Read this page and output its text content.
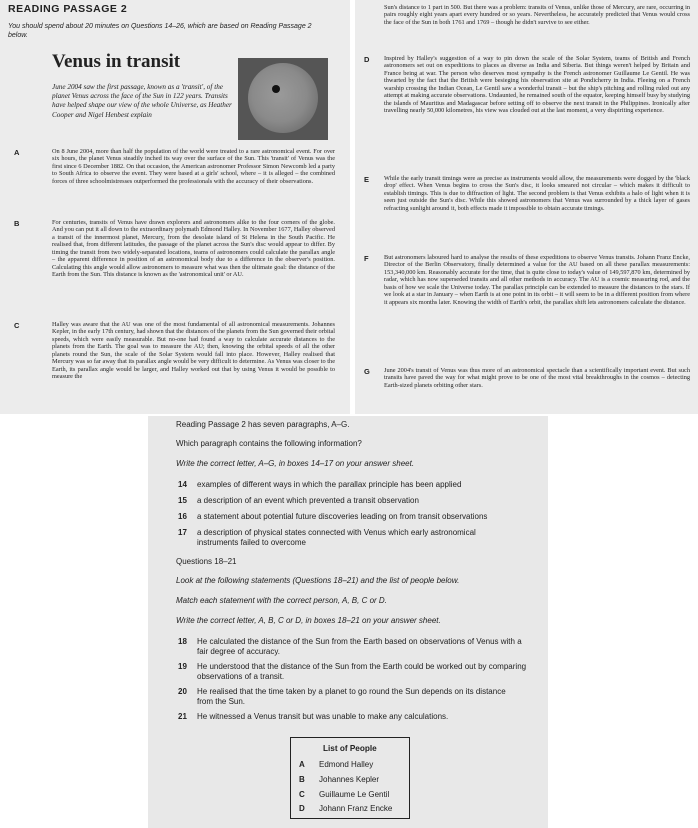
READING PASSAGE 2
You should spend about 20 minutes on Questions 14–26, which are based on Reading Passage 2 below.
Venus in transit
June 2004 saw the first passage, known as a 'transit', of the planet Venus across the face of the Sun in 122 years. Transits have helped shape our view of the whole Universe, as Heather Cooper and Nigel Henbest explain
A	On 8 June 2004, more than half the population of the world were treated to a rare astronomical event. For over six hours, the planet Venus steadily inched its way over the surface of the Sun. This 'transit' of Venus was the first since 6 December 1882. On that occasion, the American astronomer Professor Simon Newcomb led a party to South Africa to observe the event. They were based at a girls' school, where – it is alleged – the combined forces of three schoolmistresses outperformed the professionals with the accuracy of their observations.
B	For centuries, transits of Venus have drawn explorers and astronomers alike to the four corners of the globe. And you can put it all down to the extraordinary polymath Edmond Halley. In November 1677, Halley observed a transit of the innermost planet, Mercury, from the desolate island of St Helena in the South Pacific. He realised that, from different latitudes, the passage of the planet across the Sun's disc would appear to differ. By timing the transit from two widely-separated locations, teams of astronomers could calculate the parallax angle – the apparent difference in position of an astronomical body due to a difference in the observer's position. Calculating this angle would allow astronomers to measure what was then the ultimate goal: the distance of the Earth from the Sun. This distance is known as the 'astronomical unit' or AU.
C	Halley was aware that the AU was one of the most fundamental of all astronomical measurements. Johannes Kepler, in the early 17th century, had shown that the distances of the planets from the Sun governed their orbital speeds, which were easily measurable. But no-one had found a way to calculate accurate distances to the planets from the Earth. The goal was to measure the AU; then, knowing the orbital speeds of all the other planets round the Sun, the scale of the Solar System would fall into place. However, Halley realised that Mercury was so far away that its parallax angle would be very difficult to determine. As Venus was closer to the Earth, its parallax angle would be larger, and Halley worked out that by using Venus it would be possible to measure the
Sun's distance to 1 part in 500. But there was a problem: transits of Venus, unlike those of Mercury, are rare, occurring in pairs roughly eight years apart every hundred or so years. Nevertheless, he accurately predicted that Venus would cross the face of the Sun in both 1761 and 1769 – though he didn't survive to see either.
D Inspired by Halley's suggestion of a way to pin down the scale of the Solar System, teams of British and French astronomers set out on expeditions to places as diverse as India and Siberia. But things weren't helped by Britain and France being at war. The person who deserves most sympathy is the French astronomer Guillaume Le Gentil. He was thwarted by the fact that the British were besieging his observation site at Pondicherry in India. Fleeing on a French warship crossing the Indian Ocean, Le Gentil saw a wonderful transit – but the ship's pitching and rolling ruled out any attempt at making accurate observations. Undaunted, he remained south of the equator, keeping himself busy by studying the islands of Mauritius and Madagascar before setting off to observe the next transit in the Philippines. Ironically after travelling nearly 50,000 kilometres, his view was clouded out at the last moment, a very dispiriting experience.
E While the early transit timings were as precise as instruments would allow, the measurements were dogged by the 'black drop' effect. When Venus begins to cross the Sun's disc, it looks smeared not circular – which makes it difficult to establish timings. This is due to diffraction of light. The second problem is that Venus exhibits a halo of light when it is seen just outside the Sun's disc. While this showed astronomers that Venus was surrounded by a thick layer of gases refracting sunlight around it, both effects made it impossible to obtain accurate timings.
F But astronomers laboured hard to analyse the results of these expeditions to observe Venus transits. Johann Franz Encke, Director of the Berlin Observatory, finally determined a value for the AU based on all these parallax measurements: 153,340,000 km. Reasonably accurate for the time, that is quite close to today's value of 149,597,870 km, determined by radar, which has now superseded transits and all other methods in accuracy. The AU is a cosmic measuring rod, and the basis of how we scale the Universe today. The parallax principle can be extended to measure the distances to the stars. If we look at a star in January – when Earth is at one point in its orbit – it will seem to be in a different position from where it appears six months later. Knowing the width of Earth's orbit, the parallax shift lets astronomers calculate the distance.
G June 2004's transit of Venus was thus more of an astronomical spectacle than a scientifically important event. But such transits have paved the way for what might prove to be one of the most vital breakthroughs in the cosmos – detecting Earth-sized planets orbiting other stars.
Reading Passage 2 has seven paragraphs, A–G.
Which paragraph contains the following information?
Write the correct letter, A–G, in boxes 14–17 on your answer sheet.
14 examples of different ways in which the parallax principle has been applied
15 a description of an event which prevented a transit observation
16 a statement about potential future discoveries leading on from transit observations
17 a description of physical states connected with Venus which early astronomical instruments failed to overcome
Questions 18–21
Look at the following statements (Questions 18–21) and the list of people below.
Match each statement with the correct person, A, B, C or D.
Write the correct letter, A, B, C or D, in boxes 18–21 on your answer sheet.
18 He calculated the distance of the Sun from the Earth based on observations of Venus with a fair degree of accuracy.
19 He understood that the distance of the Sun from the Earth could be worked out by comparing observations of a transit.
20 He realised that the time taken by a planet to go round the Sun depends on its distance from the Sun.
21 He witnessed a Venus transit but was unable to make any calculations.
List of People
A Edmond Halley
B Johannes Kepler
C Guillaume Le Gentil
D Johann Franz Encke
